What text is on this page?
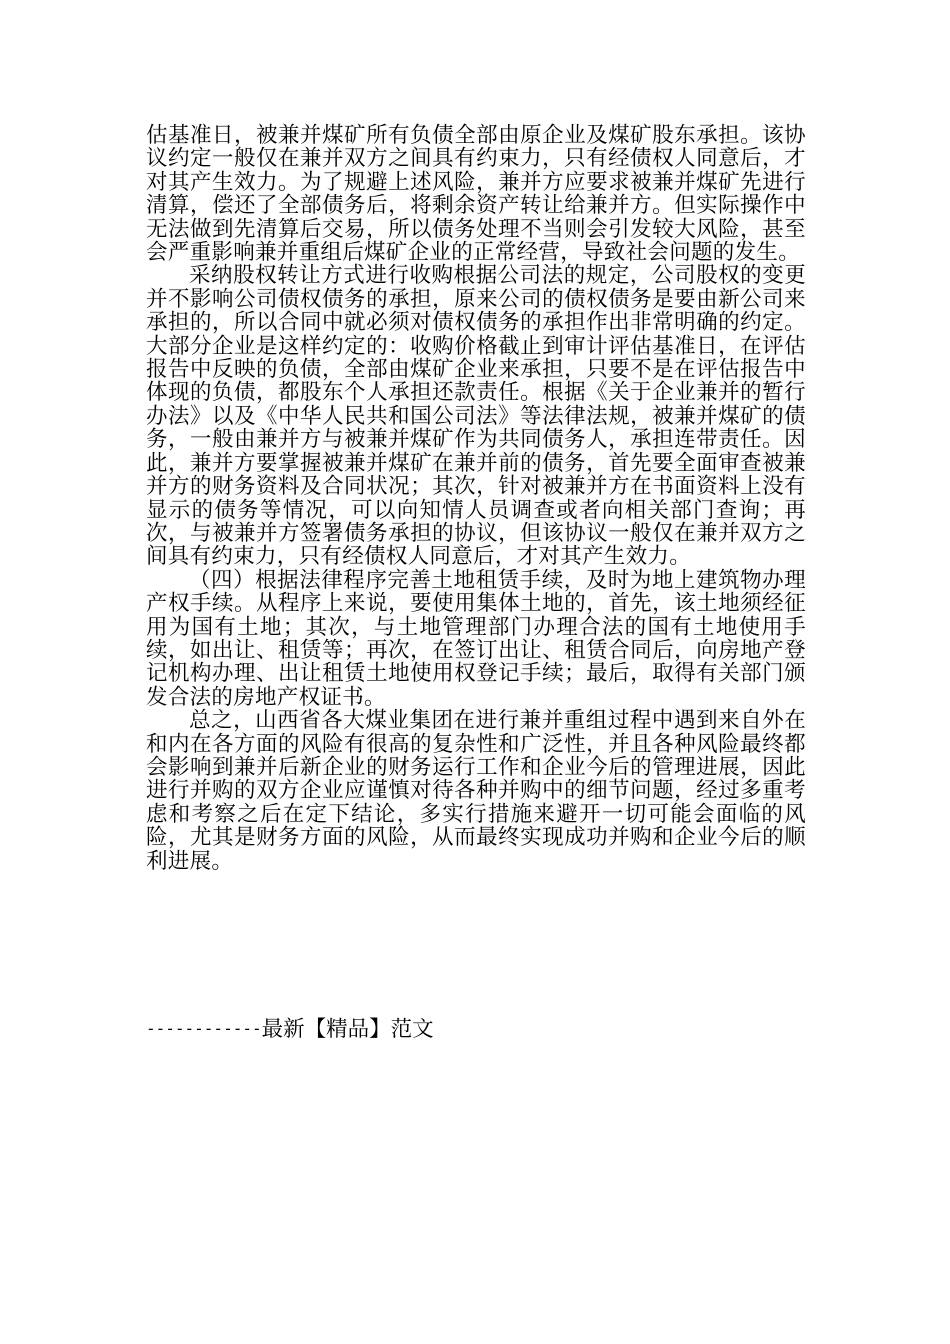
估基准日，被兼并煤矿所有负债全部由原企业及煤矿股东承担。该协议约定一般仅在兼并双方之间具有约束力，只有经债权人同意后，才对其产生效力。为了规避上述风险，兼并方应要求被兼并煤矿先进行清算，偿还了全部债务后，将剩余资产转让给兼并方。但实际操作中无法做到先清算后交易，所以债务处理不当则会引发较大风险，甚至会严重影响兼并重组后煤矿企业的正常经营，导致社会问题的发生。

采纳股权转让方式进行收购根据公司法的规定，公司股权的变更并不影响公司债权债务的承担，原来公司的债权债务是要由新公司来承担的，所以合同中就必须对债权债务的承担作出非常明确的约定。大部分企业是这样约定的：收购价格截止到审计评估基准日，在评估报告中反映的负债，全部由煤矿企业来承担，只要不是在评估报告中体现的负债，都股东个人承担还款责任。根据《关于企业兼并的暂行办法》以及《中华人民共和国公司法》等法律法规，被兼并煤矿的债务，一般由兼并方与被兼并煤矿作为共同债务人，承担连带责任。因此，兼并方要掌握被兼并煤矿在兼并前的债务，首先要全面审查被兼并方的财务资料及合同状况；其次，针对被兼并方在书面资料上没有显示的债务等情况，可以向知情人员调查或者向相关部门查询；再次，与被兼并方签署债务承担的协议，但该协议一般仅在兼并双方之间具有约束力，只有经债权人同意后，才对其产生效力。

（四）根据法律程序完善土地租赁手续，及时为地上建筑物办理产权手续。从程序上来说，要使用集体土地的，首先，该土地须经征用为国有土地；其次，与土地管理部门办理合法的国有土地使用手续，如出让、租赁等；再次，在签订出让、租赁合同后，向房地产登记机构办理、出让租赁土地使用权登记手续；最后，取得有关部门颁发合法的房地产权证书。

总之，山西省各大煤业集团在进行兼并重组过程中遇到来自外在和内在各方面的风险有很高的复杂性和广泛性，并且各种风险最终都会影响到兼并后新企业的财务运行工作和企业今后的管理进展，因此进行并购的双方企业应谨慎对待各种并购中的细节问题，经过多重考虑和考察之后在定下结论，多实行措施来避开一切可能会面临的风险，尤其是财务方面的风险，从而最终实现成功并购和企业今后的顺利进展。

------------最新【精品】范文
